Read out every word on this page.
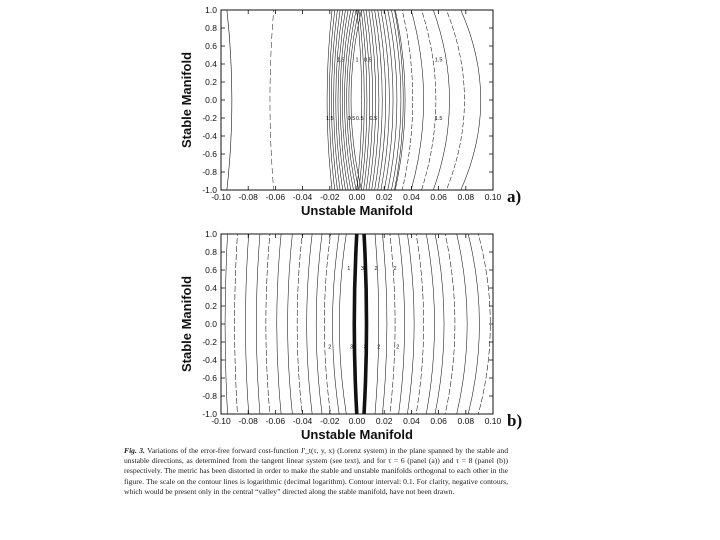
1.5 1 0.5	1.5
1.5	0.5 0.5 0.5	1.5
-0.10 -0.08 -0.06 -0.04 -0.02 0.00 0.02 0.04 0.06 0.08 0.10
1.0
0.8
0.6
0.4
0.2
0.0
-0.2
-0.4
-0.6
-0.8
-1.0
Unstable Manifold
Stable Manifold
a)
1 3 2	2
2	3 3 2	2
-0.10 -0.08 -0.06 -0.04 -0.02 0.00 0.02 0.04 0.06 0.08 0.10
1.0
0.8
0.6
0.4
0.2
0.0
-0.2
-0.4
-0.6
-0.8
-1.0
Unstable Manifold
Stable Manifold
b)
Fig. 3. Variations of the error-free forward cost-function J'_t(τ, y, x) (Lorenz system) in the plane spanned by the stable and unstable directions, as determined from the tangent linear system (see text), and for τ = 6 (panel (a)) and τ = 8 (panel (b)) respectively. The metric has been distorted in order to make the stable and unstable manifolds orthogonal to each other in the figure. The scale on the contour lines is logarithmic (decimal logarithm). Contour interval: 0.1. For clarity, negative contours, which would be present only in the central “valley” directed along the stable manifold, have not been drawn.
